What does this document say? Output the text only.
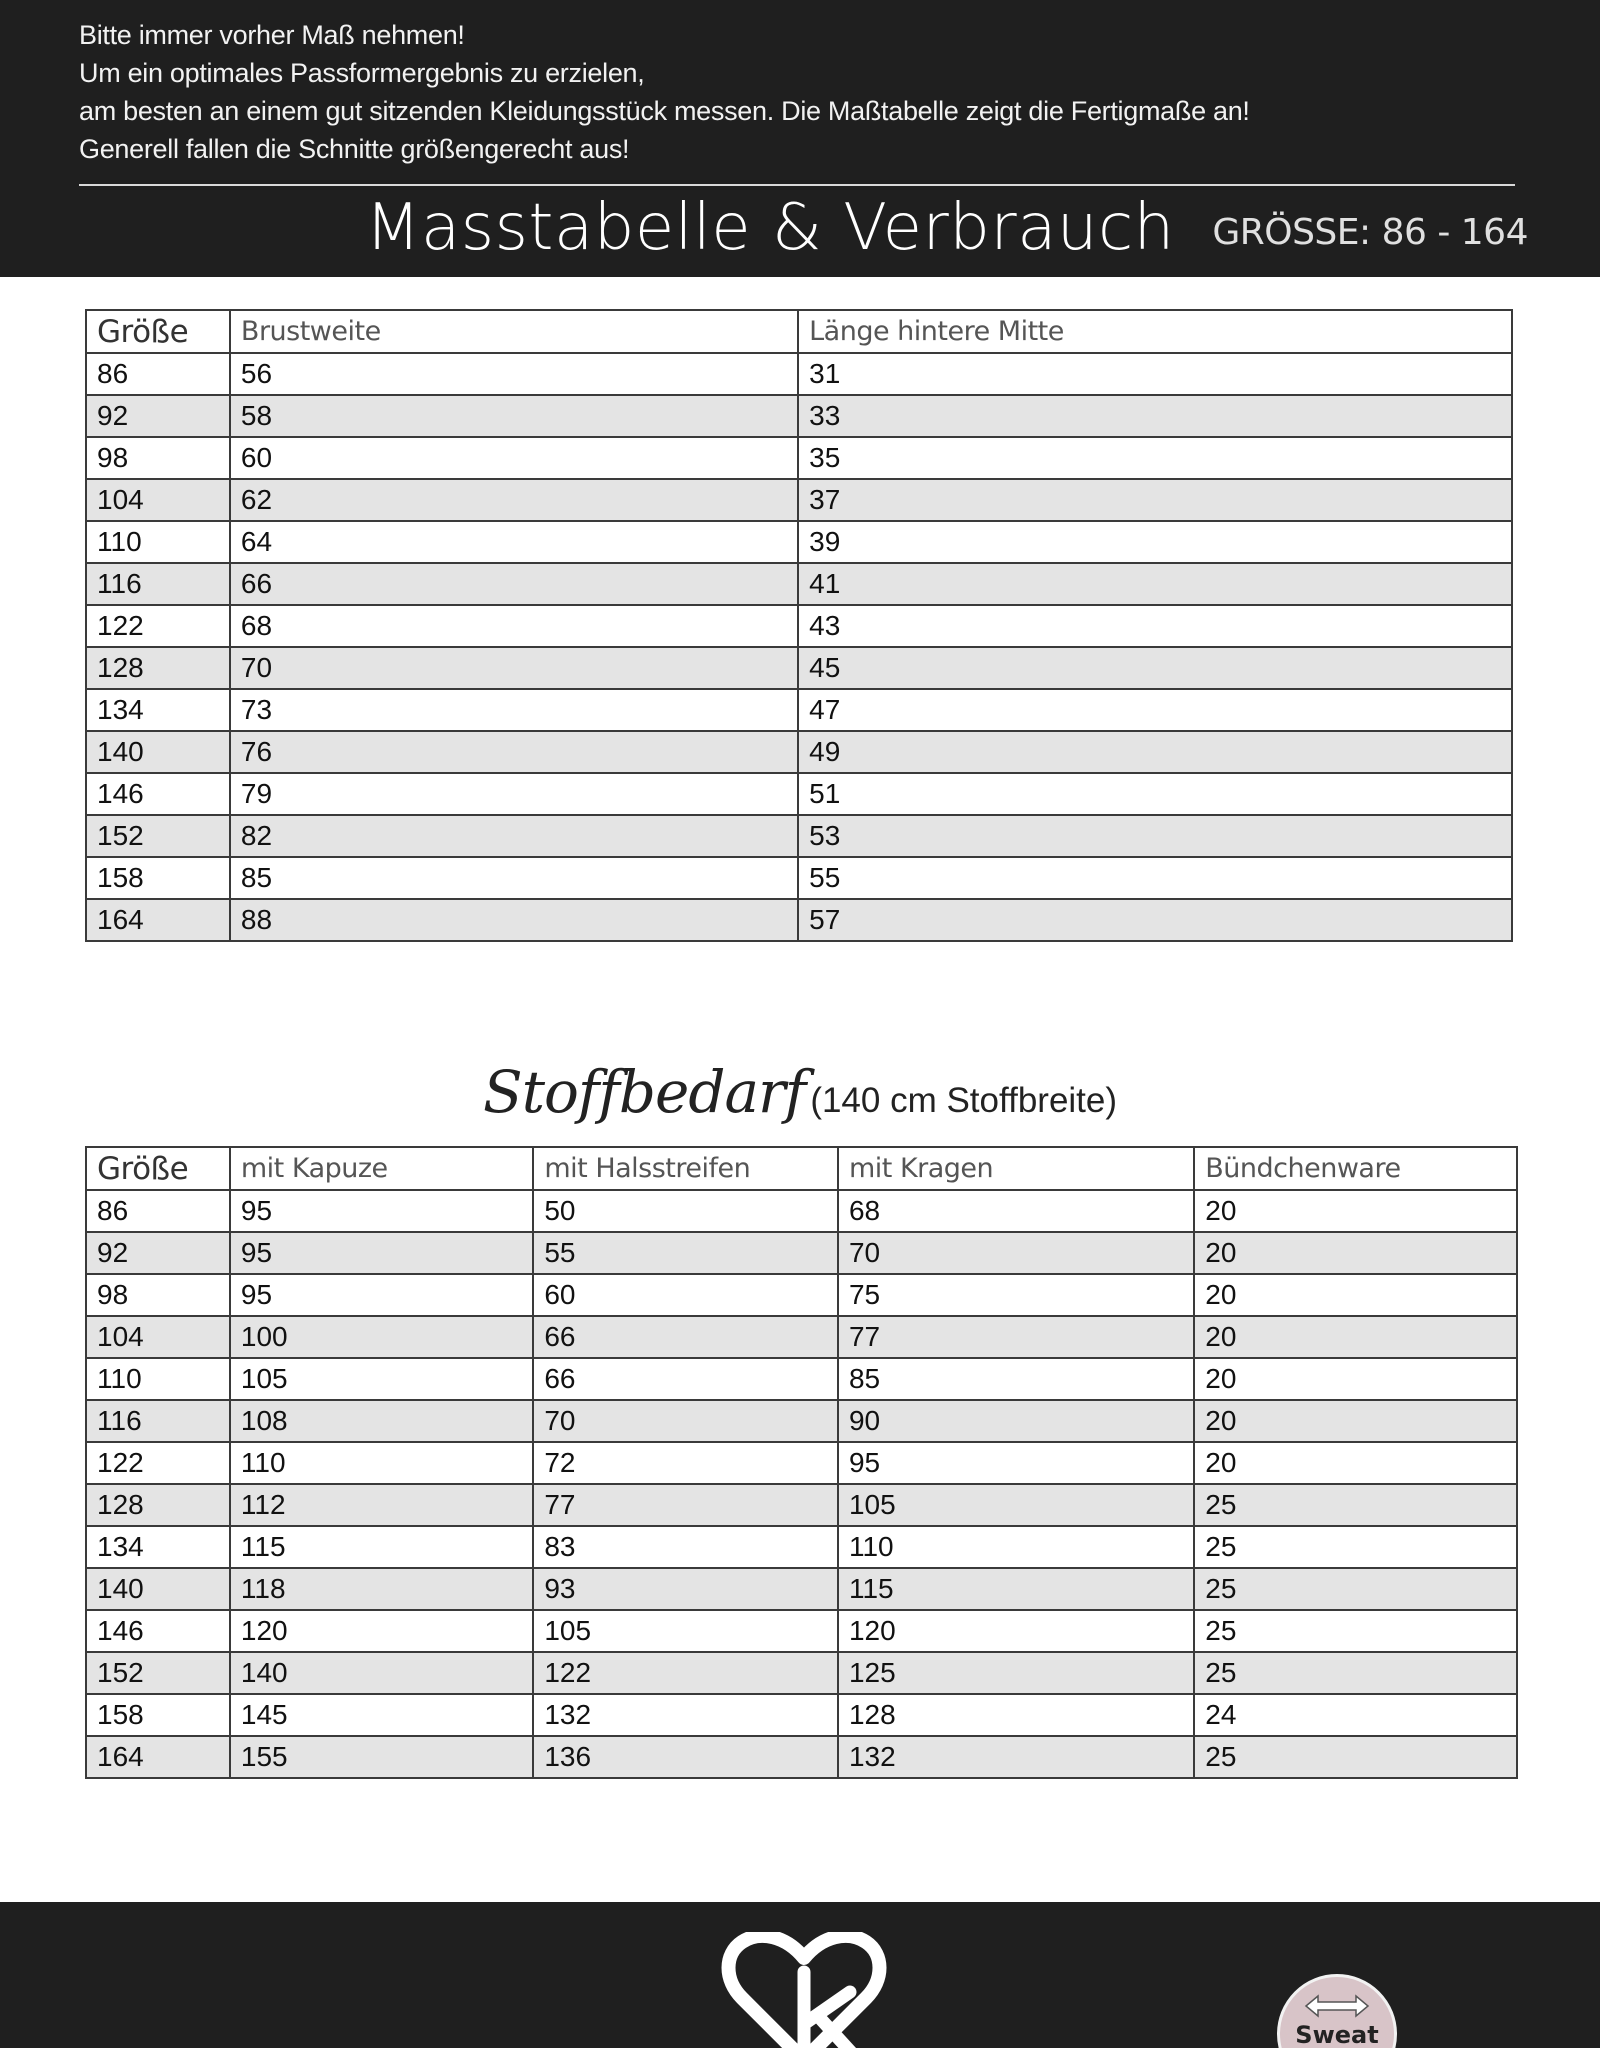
Bitte immer vorher Maß nehmen!
Um ein optimales Passformergebnis zu erzielen,
am besten an einem gut sitzenden Kleidungsstück messen. Die Maßtabelle zeigt die Fertigmaße an!
Generell fallen die Schnitte größengerecht aus!
Masstabelle & Verbrauch	GRÖSSE: 86 - 164
Größe	Brustweite	Länge hintere Mitte
86	56	31
92	58	33
98	60	35
104	62	37
110	64	39
116	66	41
122	68	43
128	70	45
134	73	47
140	76	49
146	79	51
152	82	53
158	85	55
164	88	57
Stoffbedarf (140 cm Stoffbreite)
Größe	mit Kapuze	mit Halsstreifen	mit Kragen	Bündchenware
86	95	50	68	20
92	95	55	70	20
98	95	60	75	20
104	100	66	77	20
110	105	66	85	20
116	108	70	90	20
122	110	72	95	20
128	112	77	105	25
134	115	83	110	25
140	118	93	115	25
146	120	105	120	25
152	140	122	125	25
158	145	132	128	24
164	155	136	132	25
Sweat
